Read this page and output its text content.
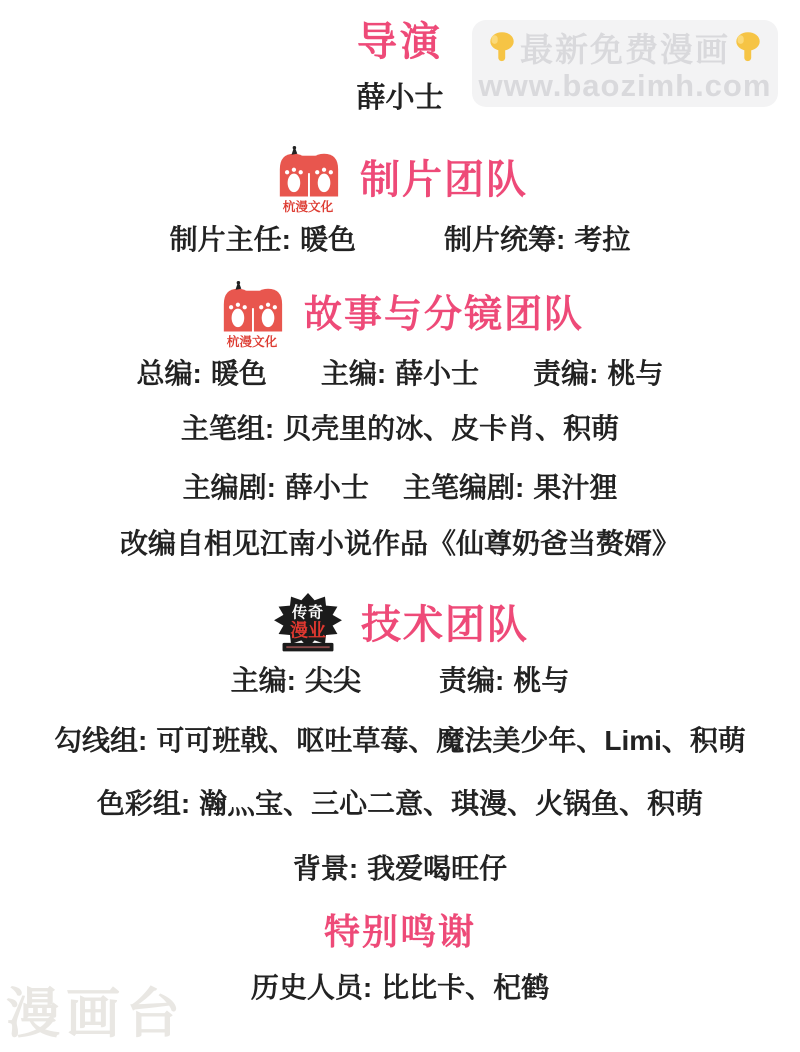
最新免费漫画
www.baozimh.com
导演
薛小士
杭漫文化
制片团队
制片主任: 暖色	制片统筹: 考拉
杭漫文化
故事与分镜团队
总编: 暖色 主编: 薛小士 责编: 桃与
主笔组: 贝壳里的冰、皮卡肖、积萌
主编剧: 薛小士 主笔编剧: 果汁狸
改编自相见江南小说作品《仙尊奶爸当赘婿》
传奇
漫业 技术团队
主编: 尖尖	责编: 桃与
勾线组: 可可班戟、呕吐草莓、魔法美少年、Limi、积萌
色彩组: 瀚灬宝、三心二意、琪漫、火锅鱼、积萌
背景: 我爱喝旺仔
特别鸣谢
历史人员: 比比卡、杞鹤
漫画台
